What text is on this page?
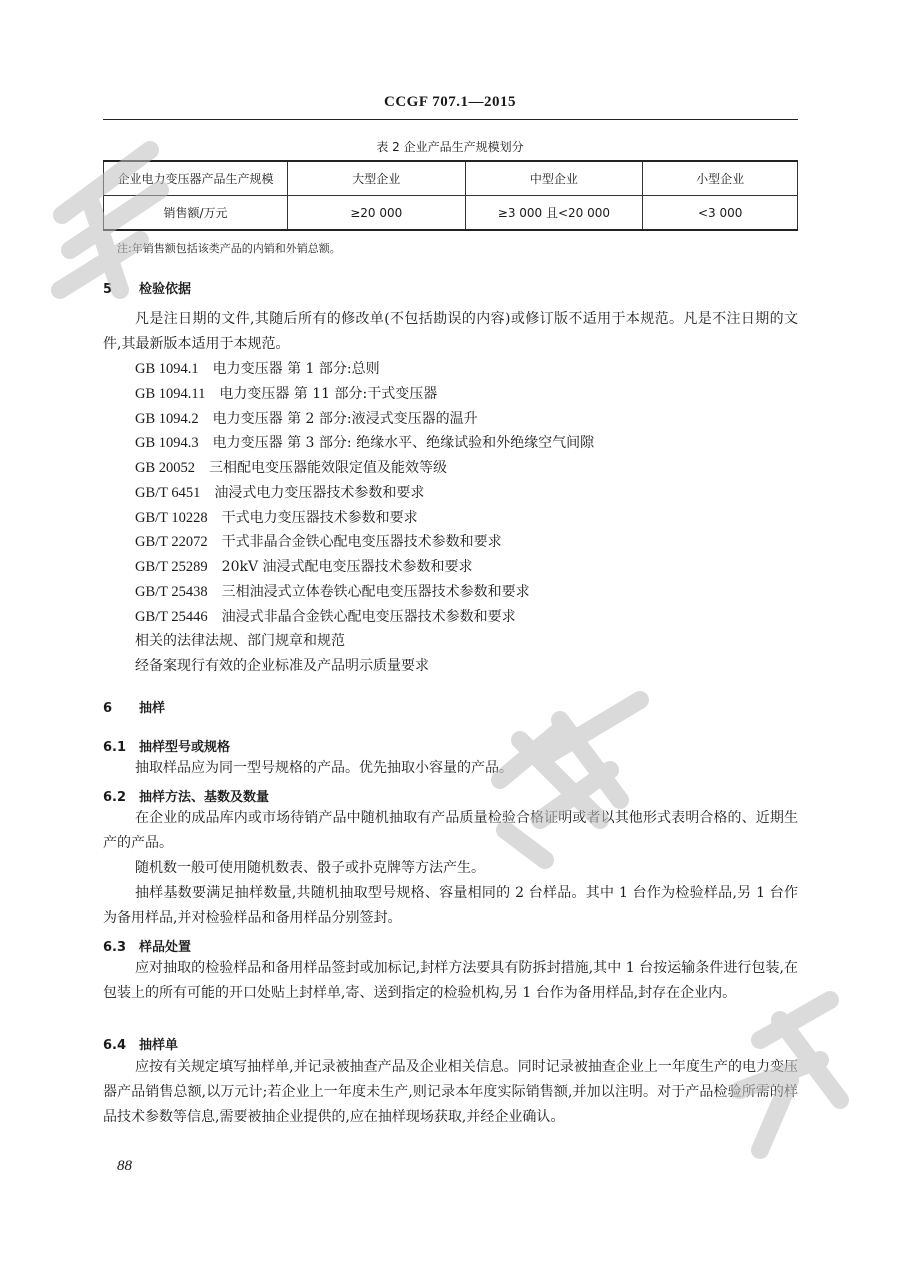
CCGF 707.1—2015
表 2 企业产品生产规模划分
企业电力变压器产品生产规模	大型企业	中型企业	小型企业
销售额/万元	≥20 000	≥3 000 且<20 000	<3 000
注:年销售额包括该类产品的内销和外销总额。
5 检验依据
凡是注日期的文件,其随后所有的修改单(不包括勘误的内容)或修订版不适用于本规范。凡是不注日期的文件,其最新版本适用于本规范。
GB 1094.1 电力变压器 第 1 部分:总则
GB 1094.11 电力变压器 第 11 部分:干式变压器
GB 1094.2 电力变压器 第 2 部分:液浸式变压器的温升
GB 1094.3 电力变压器 第 3 部分: 绝缘水平、绝缘试验和外绝缘空气间隙
GB 20052 三相配电变压器能效限定值及能效等级
GB/T 6451 油浸式电力变压器技术参数和要求
GB/T 10228 干式电力变压器技术参数和要求
GB/T 22072 干式非晶合金铁心配电变压器技术参数和要求
GB/T 25289 20kV 油浸式配电变压器技术参数和要求
GB/T 25438 三相油浸式立体卷铁心配电变压器技术参数和要求
GB/T 25446 油浸式非晶合金铁心配电变压器技术参数和要求
相关的法律法规、部门规章和规范
经备案现行有效的企业标准及产品明示质量要求
6 抽样
6.1 抽样型号或规格
抽取样品应为同一型号规格的产品。优先抽取小容量的产品。
6.2 抽样方法、基数及数量
在企业的成品库内或市场待销产品中随机抽取有产品质量检验合格证明或者以其他形式表明合格的、近期生产的产品。
随机数一般可使用随机数表、骰子或扑克牌等方法产生。
抽样基数要满足抽样数量,共随机抽取型号规格、容量相同的 2 台样品。其中 1 台作为检验样品,另 1 台作为备用样品,并对检验样品和备用样品分别签封。
6.3 样品处置
应对抽取的检验样品和备用样品签封或加标记,封样方法要具有防拆封措施,其中 1 台按运输条件进行包装,在包装上的所有可能的开口处贴上封样单,寄、送到指定的检验机构,另 1 台作为备用样品,封存在企业内。
6.4 抽样单
应按有关规定填写抽样单,并记录被抽查产品及企业相关信息。同时记录被抽查企业上一年度生产的电力变压器产品销售总额,以万元计;若企业上一年度未生产,则记录本年度实际销售额,并加以注明。对于产品检验所需的样品技术参数等信息,需要被抽企业提供的,应在抽样现场获取,并经企业确认。
88
